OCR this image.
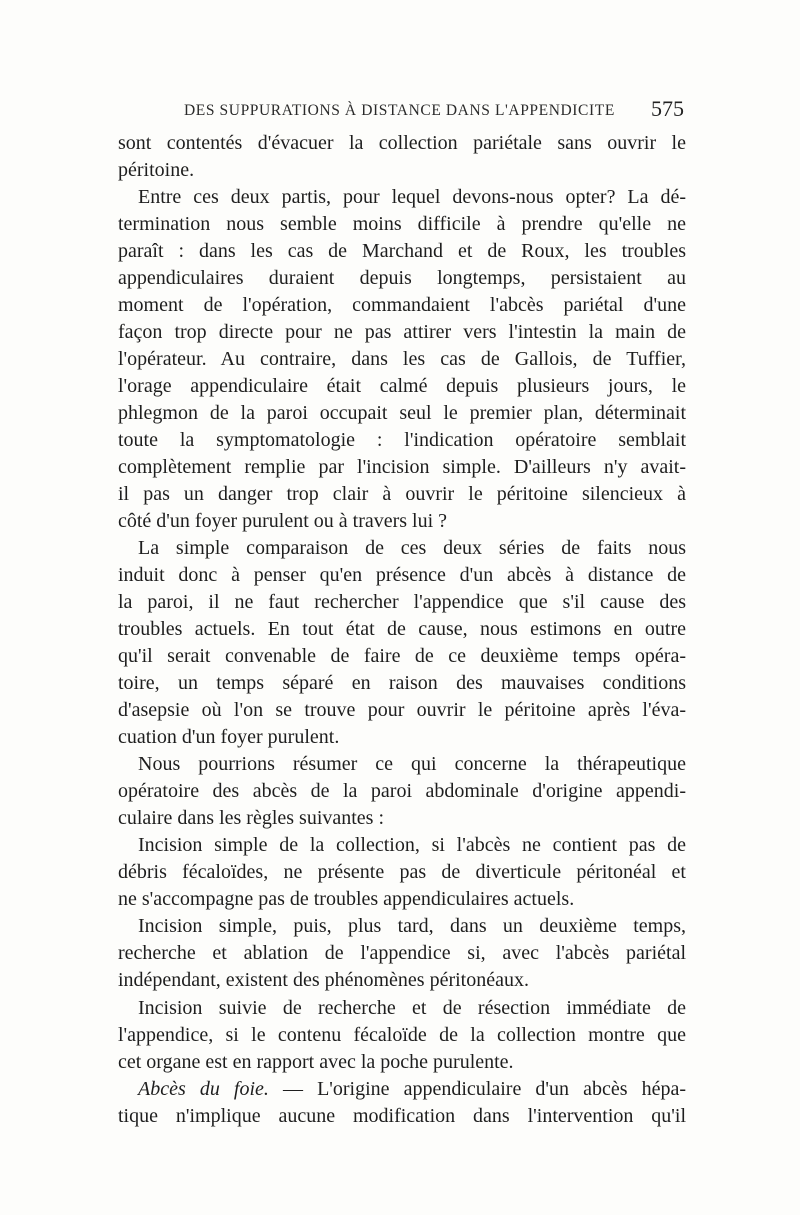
DES SUPPURATIONS À DISTANCE DANS L'APPENDICITE 575
sont contentés d'évacuer la collection pariétale sans ouvrir le
péritoine.
Entre ces deux partis, pour lequel devons-nous opter? La dé-
termination nous semble moins difficile à prendre qu'elle ne
paraît : dans les cas de Marchand et de Roux, les troubles
appendiculaires duraient depuis longtemps, persistaient au
moment de l'opération, commandaient l'abcès pariétal d'une
façon trop directe pour ne pas attirer vers l'intestin la main de
l'opérateur. Au contraire, dans les cas de Gallois, de Tuffier,
l'orage appendiculaire était calmé depuis plusieurs jours, le
phlegmon de la paroi occupait seul le premier plan, déterminait
toute la symptomatologie : l'indication opératoire semblait
complètement remplie par l'incision simple. D'ailleurs n'y avait-
il pas un danger trop clair à ouvrir le péritoine silencieux à
côté d'un foyer purulent ou à travers lui ?
La simple comparaison de ces deux séries de faits nous
induit donc à penser qu'en présence d'un abcès à distance de
la paroi, il ne faut rechercher l'appendice que s'il cause des
troubles actuels. En tout état de cause, nous estimons en outre
qu'il serait convenable de faire de ce deuxième temps opéra-
toire, un temps séparé en raison des mauvaises conditions
d'asepsie où l'on se trouve pour ouvrir le péritoine après l'éva-
cuation d'un foyer purulent.
Nous pourrions résumer ce qui concerne la thérapeutique
opératoire des abcès de la paroi abdominale d'origine appendi-
culaire dans les règles suivantes :
Incision simple de la collection, si l'abcès ne contient pas de
débris fécaloïdes, ne présente pas de diverticule péritonéal et
ne s'accompagne pas de troubles appendiculaires actuels.
Incision simple, puis, plus tard, dans un deuxième temps,
recherche et ablation de l'appendice si, avec l'abcès pariétal
indépendant, existent des phénomènes péritonéaux.
Incision suivie de recherche et de résection immédiate de
l'appendice, si le contenu fécaloïde de la collection montre que
cet organe est en rapport avec la poche purulente.
Abcès du foie. — L'origine appendiculaire d'un abcès hépa-
tique n'implique aucune modification dans l'intervention qu'il
